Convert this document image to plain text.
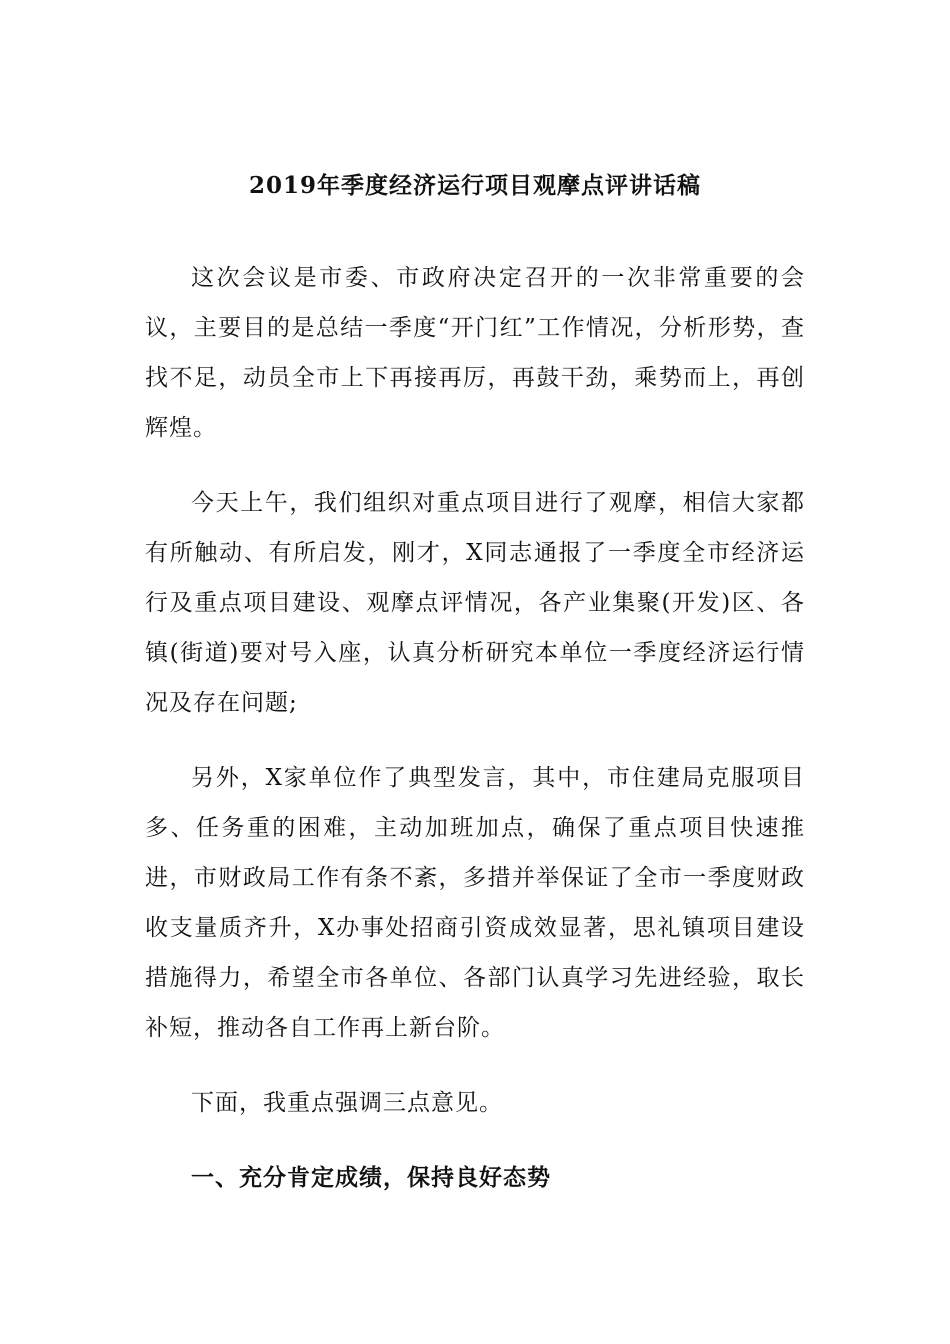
2019年季度经济运行项目观摩点评讲话稿

这次会议是市委、市政府决定召开的一次非常重要的会议，主要目的是总结一季度“开门红”工作情况，分析形势，查找不足，动员全市上下再接再厉，再鼓干劲，乘势而上，再创辉煌。

今天上午，我们组织对重点项目进行了观摩，相信大家都有所触动、有所启发，刚才，X同志通报了一季度全市经济运行及重点项目建设、观摩点评情况，各产业集聚(开发)区、各镇(街道)要对号入座，认真分析研究本单位一季度经济运行情况及存在问题;

另外，X家单位作了典型发言，其中，市住建局克服项目多、任务重的困难，主动加班加点，确保了重点项目快速推进，市财政局工作有条不紊，多措并举保证了全市一季度财政收支量质齐升，X办事处招商引资成效显著，思礼镇项目建设措施得力，希望全市各单位、各部门认真学习先进经验，取长补短，推动各自工作再上新台阶。

下面，我重点强调三点意见。

一、充分肯定成绩，保持良好态势
